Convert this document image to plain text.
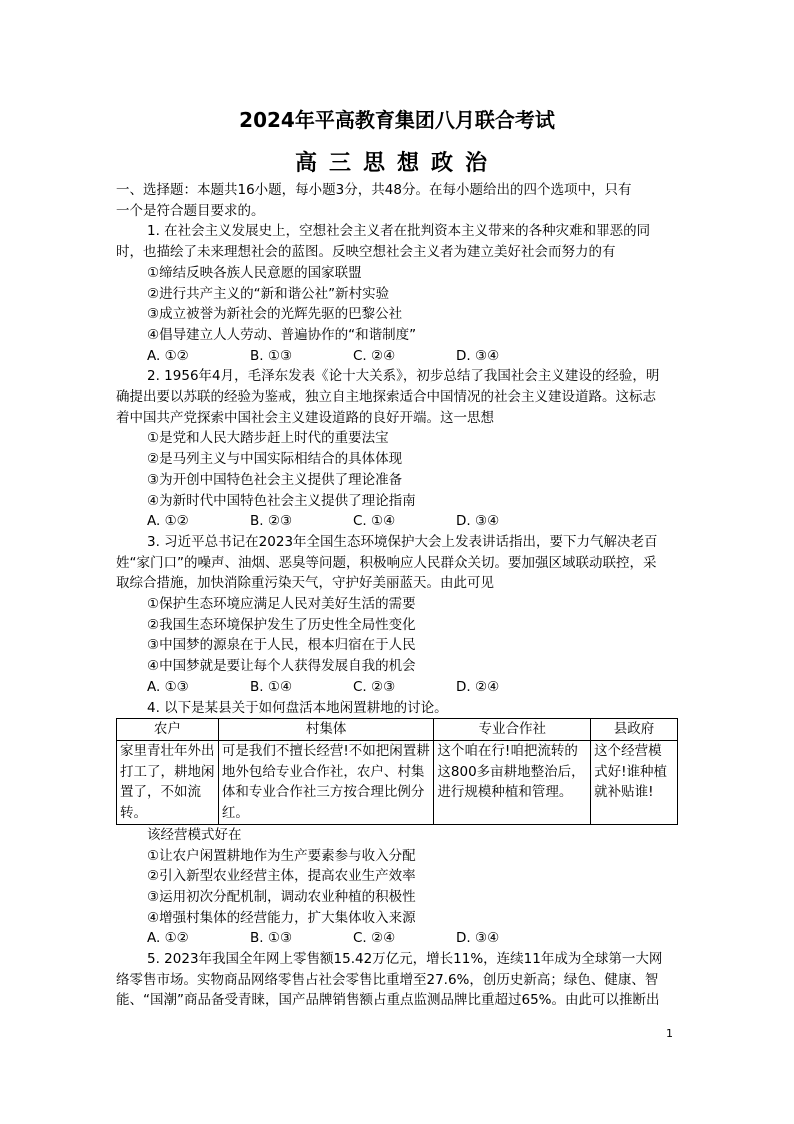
2024年平高教育集团八月联合考试
高三思想政治

一、选择题：本题共16小题，每小题3分，共48分。在每小题给出的四个选项中，只有

一个是符合题目要求的。

1. 在社会主义发展史上，空想社会主义者在批判资本主义带来的各种灾难和罪恶的同

时，也描绘了未来理想社会的蓝图。反映空想社会主义者为建立美好社会而努力的有

①缔结反映各族人民意愿的国家联盟

②进行共产主义的“新和谐公社”新村实验

③成立被誉为新社会的光辉先驱的巴黎公社

④倡导建立人人劳动、普遍协作的“和谐制度”

A. ①②	B. ①③	C. ②④	D. ③④

2. 1956年4月，毛泽东发表《论十大关系》，初步总结了我国社会主义建设的经验，明

确提出要以苏联的经验为鉴戒，独立自主地探索适合中国情况的社会主义建设道路。这标志

着中国共产党探索中国社会主义建设道路的良好开端。这一思想

①是党和人民大踏步赶上时代的重要法宝

②是马列主义与中国实际相结合的具体体现

③为开创中国特色社会主义提供了理论准备

④为新时代中国特色社会主义提供了理论指南

A. ①②	B. ②③	C. ①④	D. ③④

3. 习近平总书记在2023年全国生态环境保护大会上发表讲话指出，要下力气解决老百

姓“家门口”的噪声、油烟、恶臭等问题，积极响应人民群众关切。要加强区域联动联控，采

取综合措施，加快消除重污染天气，守护好美丽蓝天。由此可见

①保护生态环境应满足人民对美好生活的需要

②我国生态环境保护发生了历史性全局性变化

③中国梦的源泉在于人民，根本归宿在于人民

④中国梦就是要让每个人获得发展自我的机会

A. ①③	B. ①④	C. ②③	D. ②④

4. 以下是某县关于如何盘活本地闲置耕地的讨论。

农户	村集体	专业合作社	县政府
家里青壮年外出打工了，耕地闲置了，不如流转。	可是我们不擅长经营!不如把闲置耕地外包给专业合作社，农户、村集体和专业合作社三方按合理比例分红。	这个咱在行!咱把流转的这800多亩耕地整治后，进行规模种植和管理。	这个经营模式好!谁种植就补贴谁!

该经营模式好在

①让农户闲置耕地作为生产要素参与收入分配

②引入新型农业经营主体，提高农业生产效率

③运用初次分配机制，调动农业种植的积极性

④增强村集体的经营能力，扩大集体收入来源

A. ①②	B. ①③	C. ②④	D. ③④

5. 2023年我国全年网上零售额15.42万亿元，增长11%，连续11年成为全球第一大网

络零售市场。实物商品网络零售占社会零售比重增至27.6%，创历史新高；绿色、健康、智

能、“国潮”商品备受青睐，国产品牌销售额占重点监测品牌比重超过65%。由此可以推断出

1
